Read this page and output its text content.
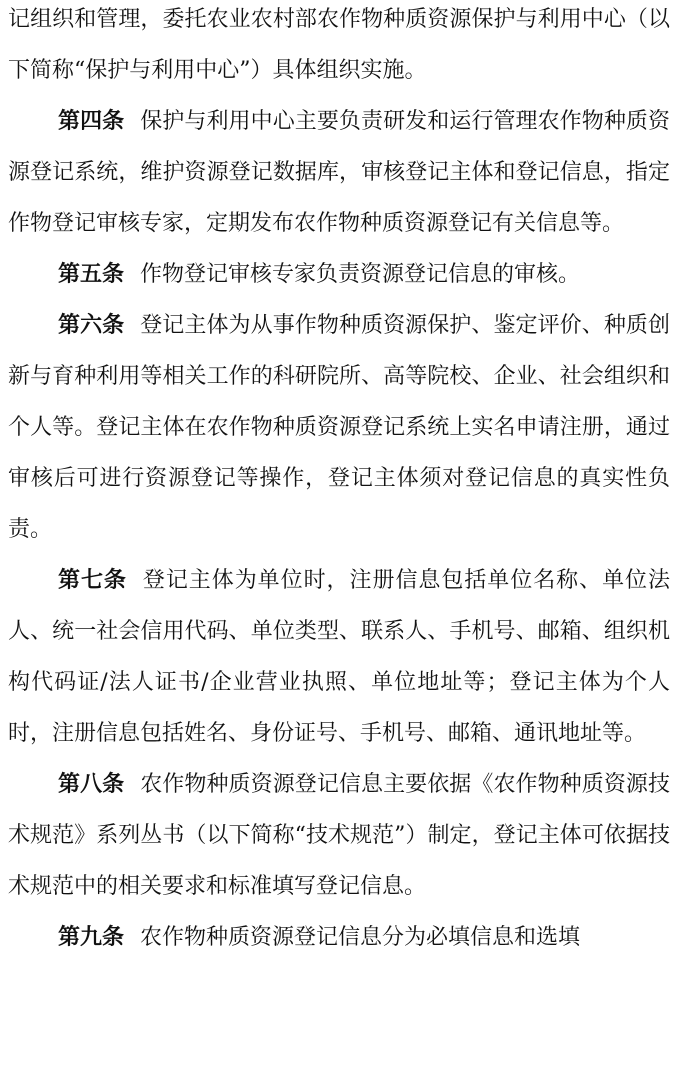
记组织和管理，委托农业农村部农作物种质资源保护与利用中心（以下简称“保护与利用中心”）具体组织实施。

第四条 保护与利用中心主要负责研发和运行管理农作物种质资源登记系统，维护资源登记数据库，审核登记主体和登记信息，指定作物登记审核专家，定期发布农作物种质资源登记有关信息等。

第五条 作物登记审核专家负责资源登记信息的审核。

第六条 登记主体为从事作物种质资源保护、鉴定评价、种质创新与育种利用等相关工作的科研院所、高等院校、企业、社会组织和个人等。登记主体在农作物种质资源登记系统上实名申请注册，通过审核后可进行资源登记等操作，登记主体须对登记信息的真实性负责。

第七条 登记主体为单位时，注册信息包括单位名称、单位法人、统一社会信用代码、单位类型、联系人、手机号、邮箱、组织机构代码证/法人证书/企业营业执照、单位地址等；登记主体为个人时，注册信息包括姓名、身份证号、手机号、邮箱、通讯地址等。

第八条 农作物种质资源登记信息主要依据《农作物种质资源技术规范》系列丛书（以下简称“技术规范”）制定，登记主体可依据技术规范中的相关要求和标准填写登记信息。

第九条 农作物种质资源登记信息分为必填信息和选填
